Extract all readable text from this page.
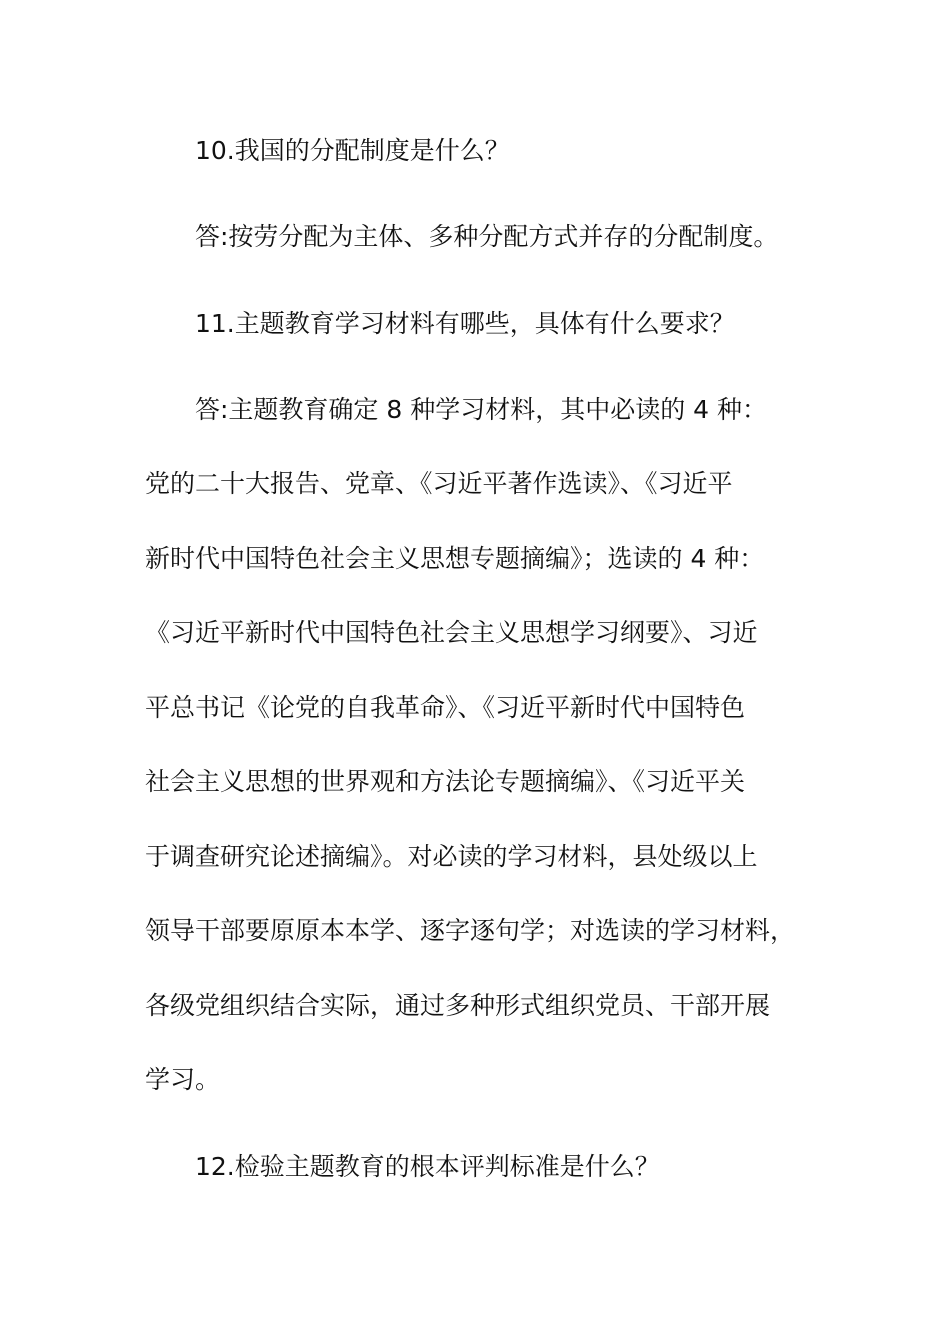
10.我国的分配制度是什么？

答:按劳分配为主体、多种分配方式并存的分配制度。

11.主题教育学习材料有哪些，具体有什么要求？

答:主题教育确定 8 种学习材料，其中必读的 4 种：

党的二十大报告、党章、《习近平著作选读》、《习近平

新时代中国特色社会主义思想专题摘编》；选读的 4 种：

《习近平新时代中国特色社会主义思想学习纲要》、习近

平总书记《论党的自我革命》、《习近平新时代中国特色

社会主义思想的世界观和方法论专题摘编》、《习近平关

于调查研究论述摘编》。对必读的学习材料，县处级以上

领导干部要原原本本学、逐字逐句学；对选读的学习材料，

各级党组织结合实际，通过多种形式组织党员、干部开展

学习。

12.检验主题教育的根本评判标准是什么？
